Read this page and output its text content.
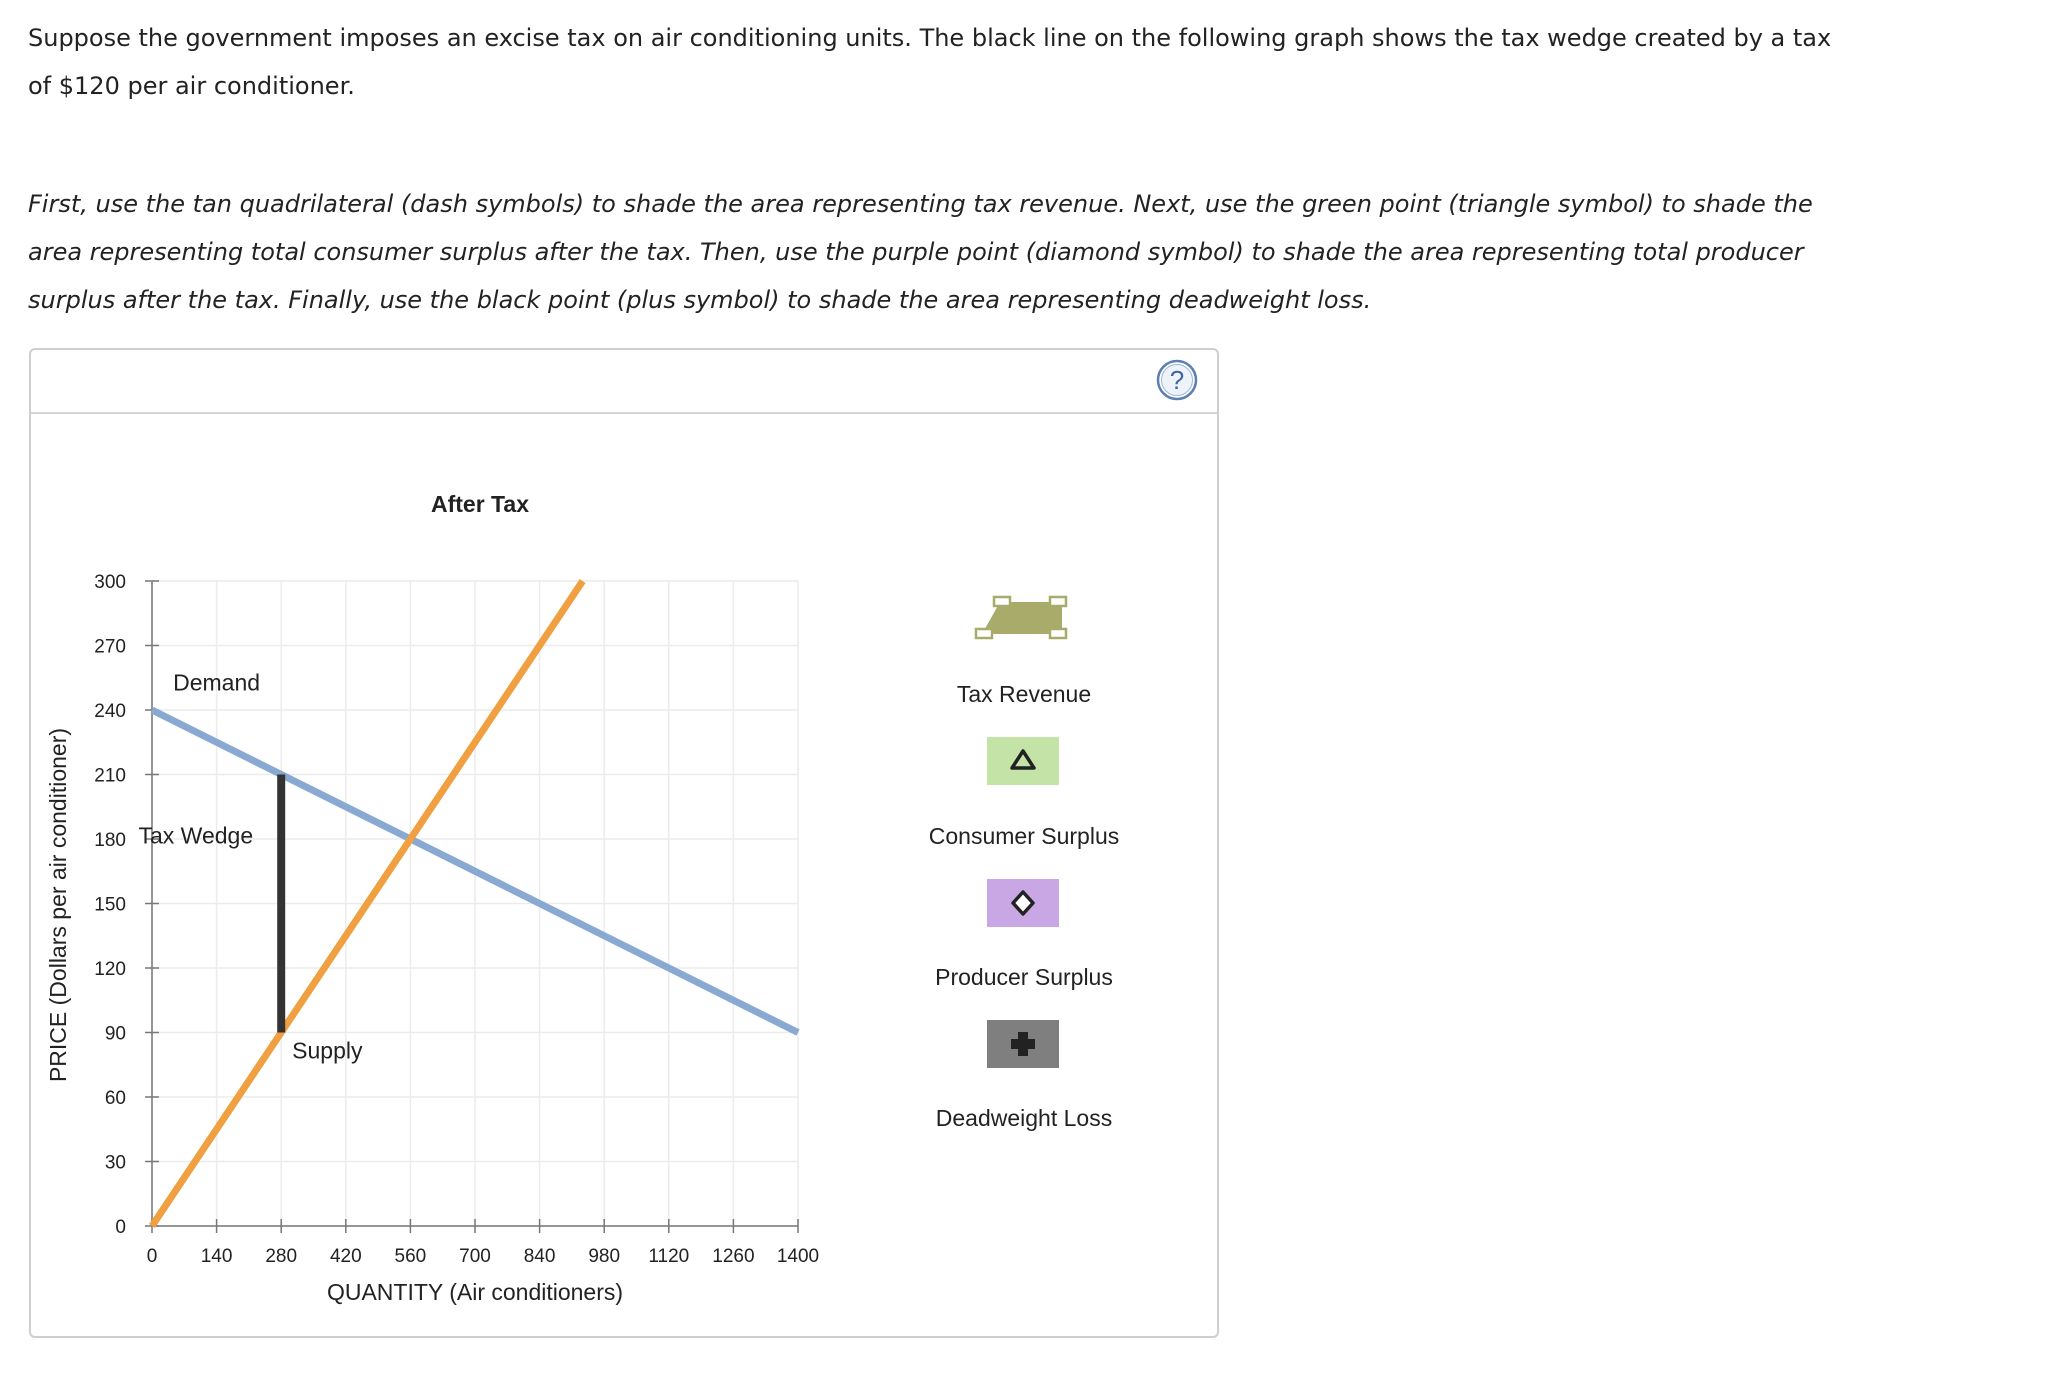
Suppose the government imposes an excise tax on air conditioning units. The black line on the following graph shows the tax wedge created by a tax
of $120 per air conditioner.
First, use the tan quadrilateral (dash symbols) to shade the area representing tax revenue. Next, use the green point (triangle symbol) to shade the
area representing total consumer surplus after the tax. Then, use the purple point (diamond symbol) to shade the area representing total producer
surplus after the tax. Finally, use the black point (plus symbol) to shade the area representing deadweight loss.
?
After Tax
0
30
60
90
120
150
180
210
240
270
300
0 140 280 420 560 700 840 980 1120 1260 1400
Demand
Tax Wedge
Supply
QUANTITY (Air conditioners)
PRICE (Dollars per air conditioner)
Tax Revenue
Consumer Surplus
Producer Surplus
Deadweight Loss
